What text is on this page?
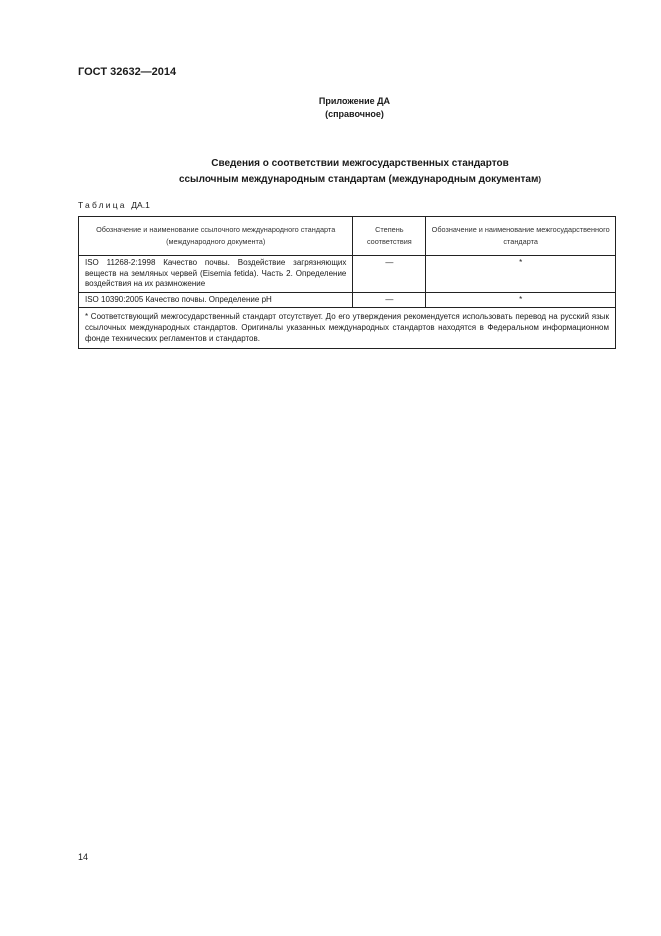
ГОСТ 32632—2014
Приложение ДА
(справочное)
Сведения о соответствии межгосударственных стандартов
ссылочным международным стандартам (международным документам)
Таблица ДА.1
Обозначение и наименование ссылочного международного стандарта (международного документа)	Степень соответствия	Обозначение и наименование межгосударственного стандарта
ISO 11268-2:1998 Качество почвы. Воздействие загрязняющих веществ на земляных червей (Eisemia fetida). Часть 2. Определение воздействия на их размножение	—	*
ISO 10390:2005 Качество почвы. Определение pH	—	*
* Соответствующий межгосударственный стандарт отсутствует. До его утверждения рекомендуется использовать перевод на русский язык ссылочных международных стандартов. Оригиналы указанных международных стандартов находятся в Федеральном информационном фонде технических регламентов и стандартов.		
14
